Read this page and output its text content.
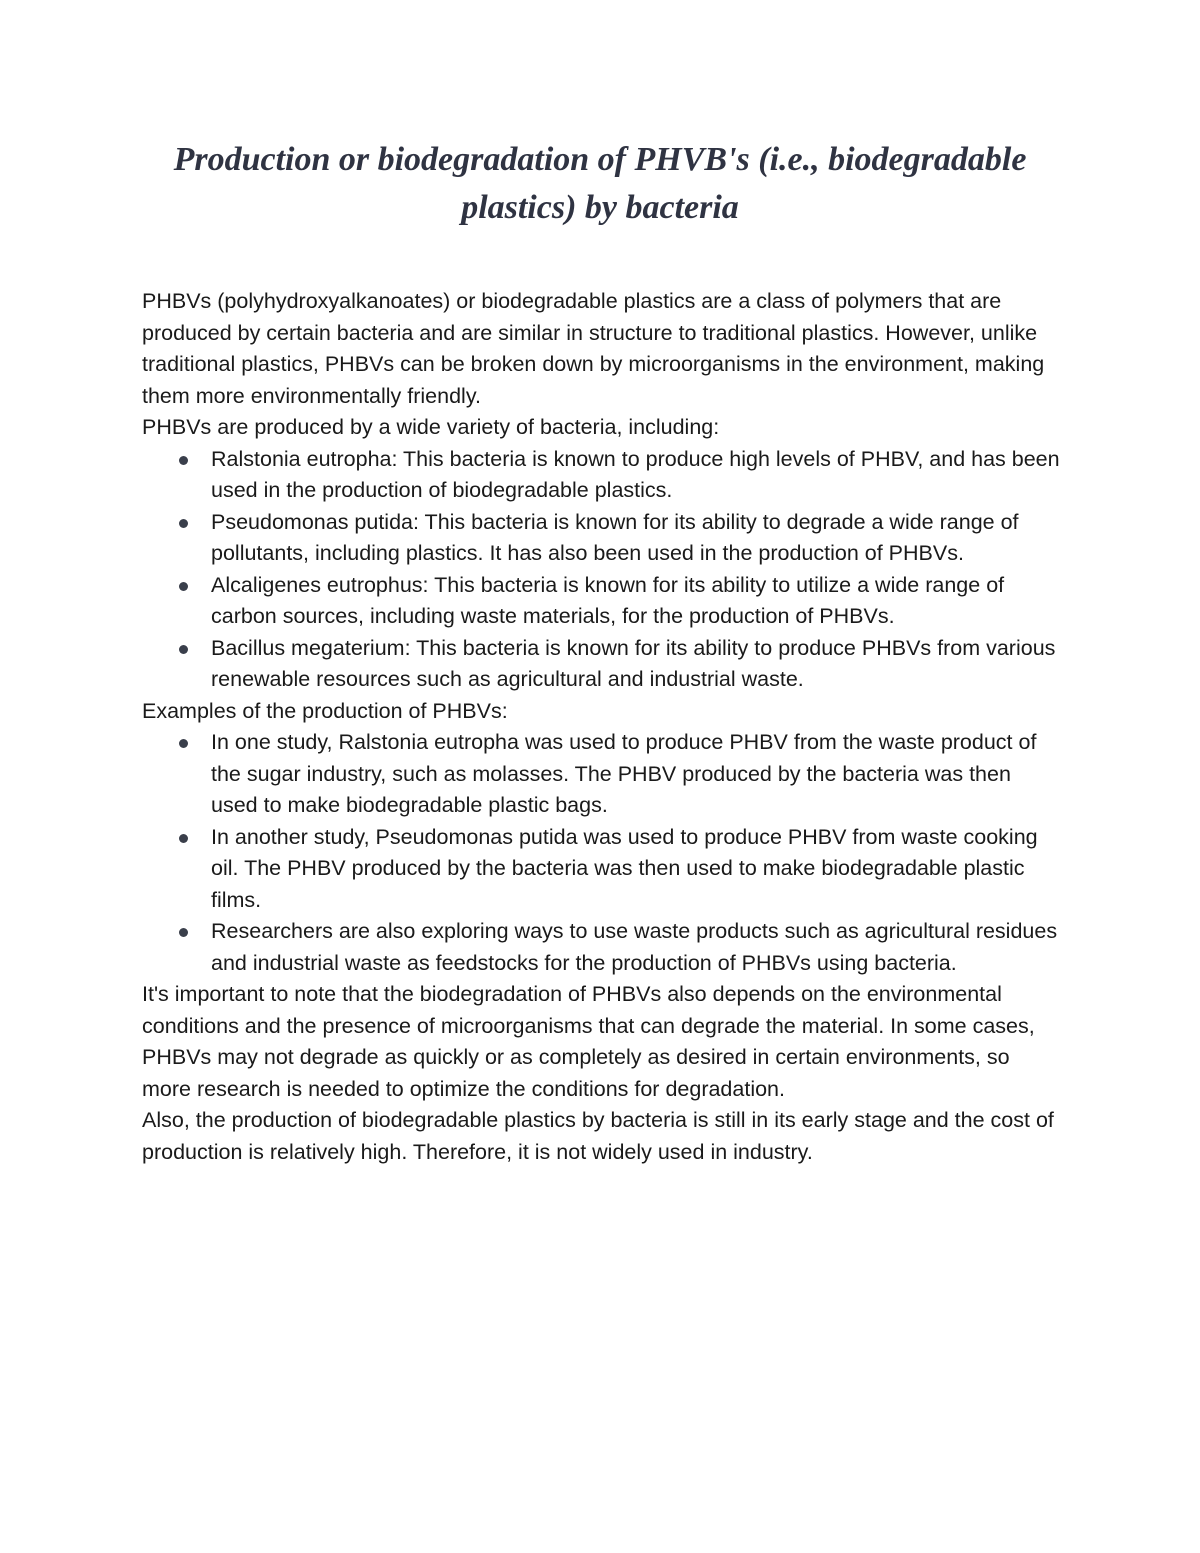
Production or biodegradation of PHVB's (i.e., biodegradable plastics) by bacteria

PHBVs (polyhydroxyalkanoates) or biodegradable plastics are a class of polymers that are produced by certain bacteria and are similar in structure to traditional plastics. However, unlike traditional plastics, PHBVs can be broken down by microorganisms in the environment, making them more environmentally friendly.

PHBVs are produced by a wide variety of bacteria, including:

Ralstonia eutropha: This bacteria is known to produce high levels of PHBV, and has been used in the production of biodegradable plastics.
Pseudomonas putida: This bacteria is known for its ability to degrade a wide range of pollutants, including plastics. It has also been used in the production of PHBVs.
Alcaligenes eutrophus: This bacteria is known for its ability to utilize a wide range of carbon sources, including waste materials, for the production of PHBVs.
Bacillus megaterium: This bacteria is known for its ability to produce PHBVs from various renewable resources such as agricultural and industrial waste.

Examples of the production of PHBVs:

In one study, Ralstonia eutropha was used to produce PHBV from the waste product of the sugar industry, such as molasses. The PHBV produced by the bacteria was then used to make biodegradable plastic bags.
In another study, Pseudomonas putida was used to produce PHBV from waste cooking oil. The PHBV produced by the bacteria was then used to make biodegradable plastic films.
Researchers are also exploring ways to use waste products such as agricultural residues and industrial waste as feedstocks for the production of PHBVs using bacteria.

It's important to note that the biodegradation of PHBVs also depends on the environmental conditions and the presence of microorganisms that can degrade the material. In some cases, PHBVs may not degrade as quickly or as completely as desired in certain environments, so more research is needed to optimize the conditions for degradation.

Also, the production of biodegradable plastics by bacteria is still in its early stage and the cost of production is relatively high. Therefore, it is not widely used in industry.
